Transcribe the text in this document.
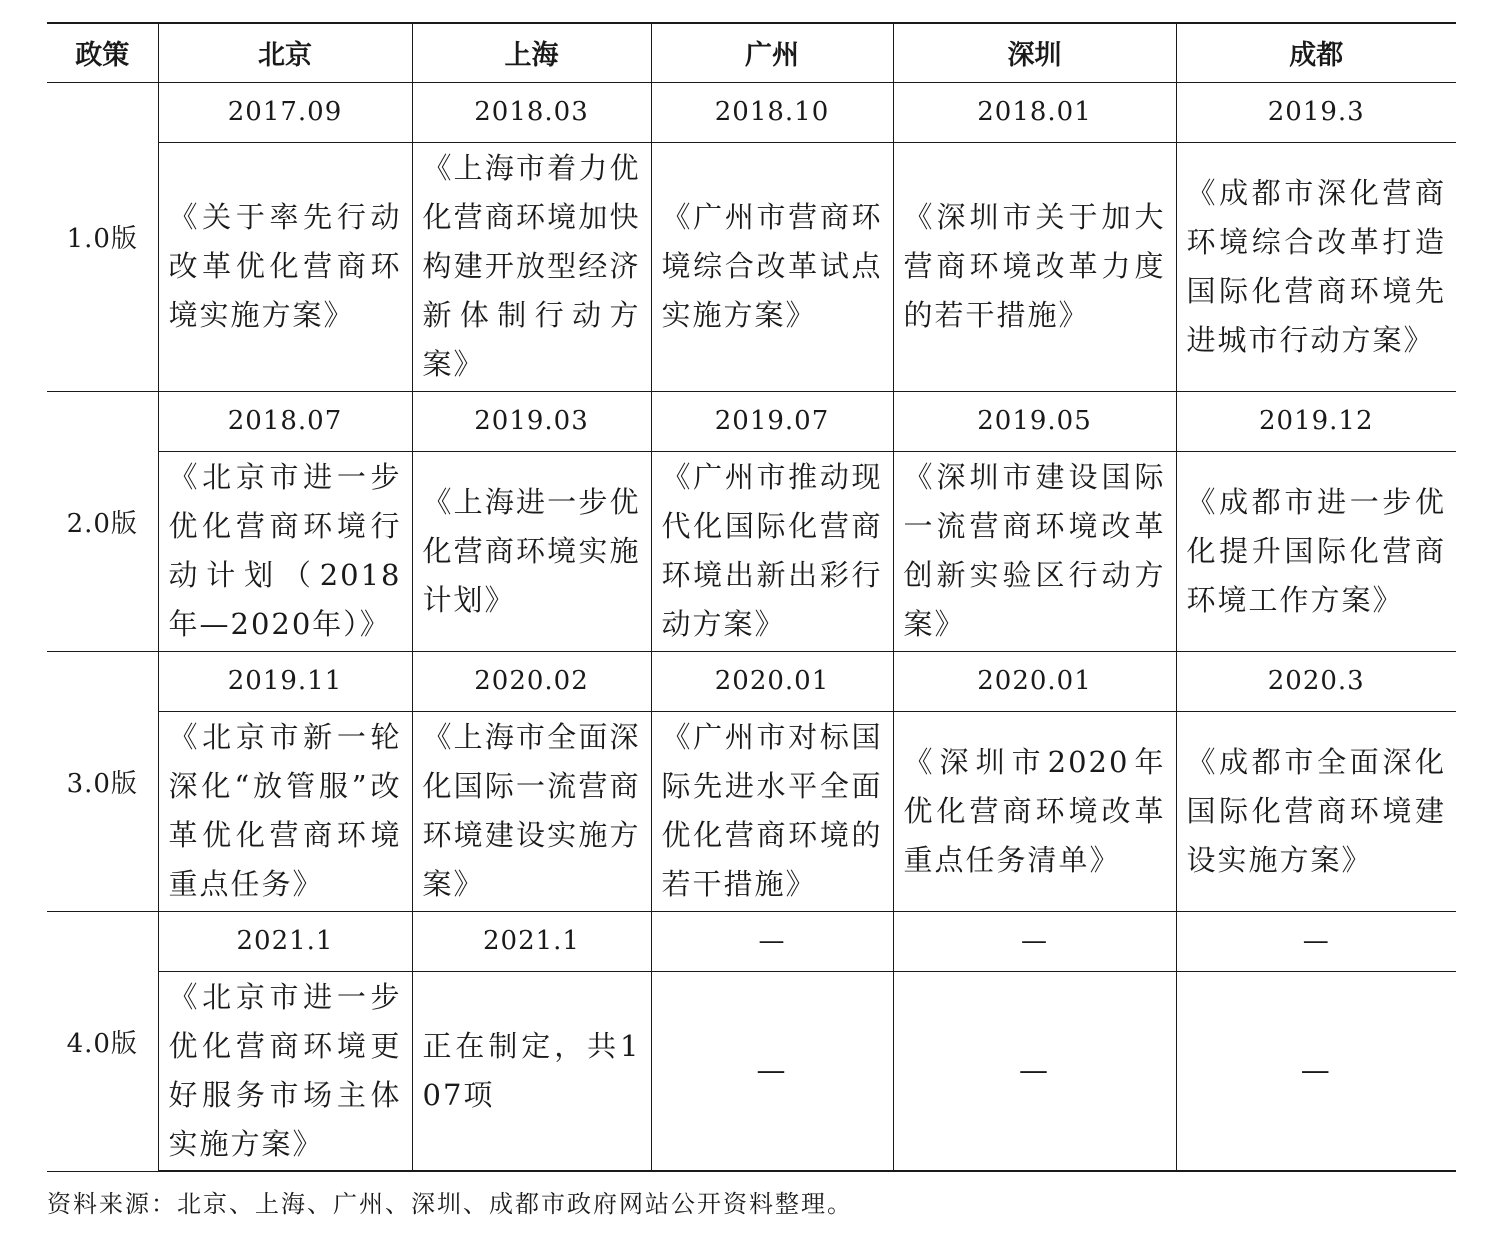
政策	北京	上海	广州	深圳	成都
1.0版	2017.09	2018.03	2018.10	2018.01	2019.3
	《关于率先行动改革优化营商环境实施方案》	《上海市着力优化营商环境加快构建开放型经济新体制行动方案》	《广州市营商环境综合改革试点实施方案》	《深圳市关于加大营商环境改革力度的若干措施》	《成都市深化营商环境综合改革打造国际化营商环境先进城市行动方案》
2.0版	2018.07	2019.03	2019.07	2019.05	2019.12
	《北京市进一步优化营商环境行动计划（2018年—2020年）》	《上海进一步优化营商环境实施计划》	《广州市推动现代化国际化营商环境出新出彩行动方案》	《深圳市建设国际一流营商环境改革创新实验区行动方案》	《成都市进一步优化提升国际化营商环境工作方案》
3.0版	2019.11	2020.02	2020.01	2020.01	2020.3
	《北京市新一轮深化“放管服”改革优化营商环境重点任务》	《上海市全面深化国际一流营商环境建设实施方案》	《广州市对标国际先进水平全面优化营商环境的若干措施》	《深圳市2020年优化营商环境改革重点任务清单》	《成都市全面深化国际化营商环境建设实施方案》
4.0版	2021.1	2021.1	—	—	—
	《北京市进一步优化营商环境更好服务市场主体实施方案》	正在制定，共107项	—	—	—

资料来源：北京、上海、广州、深圳、成都市政府网站公开资料整理。
